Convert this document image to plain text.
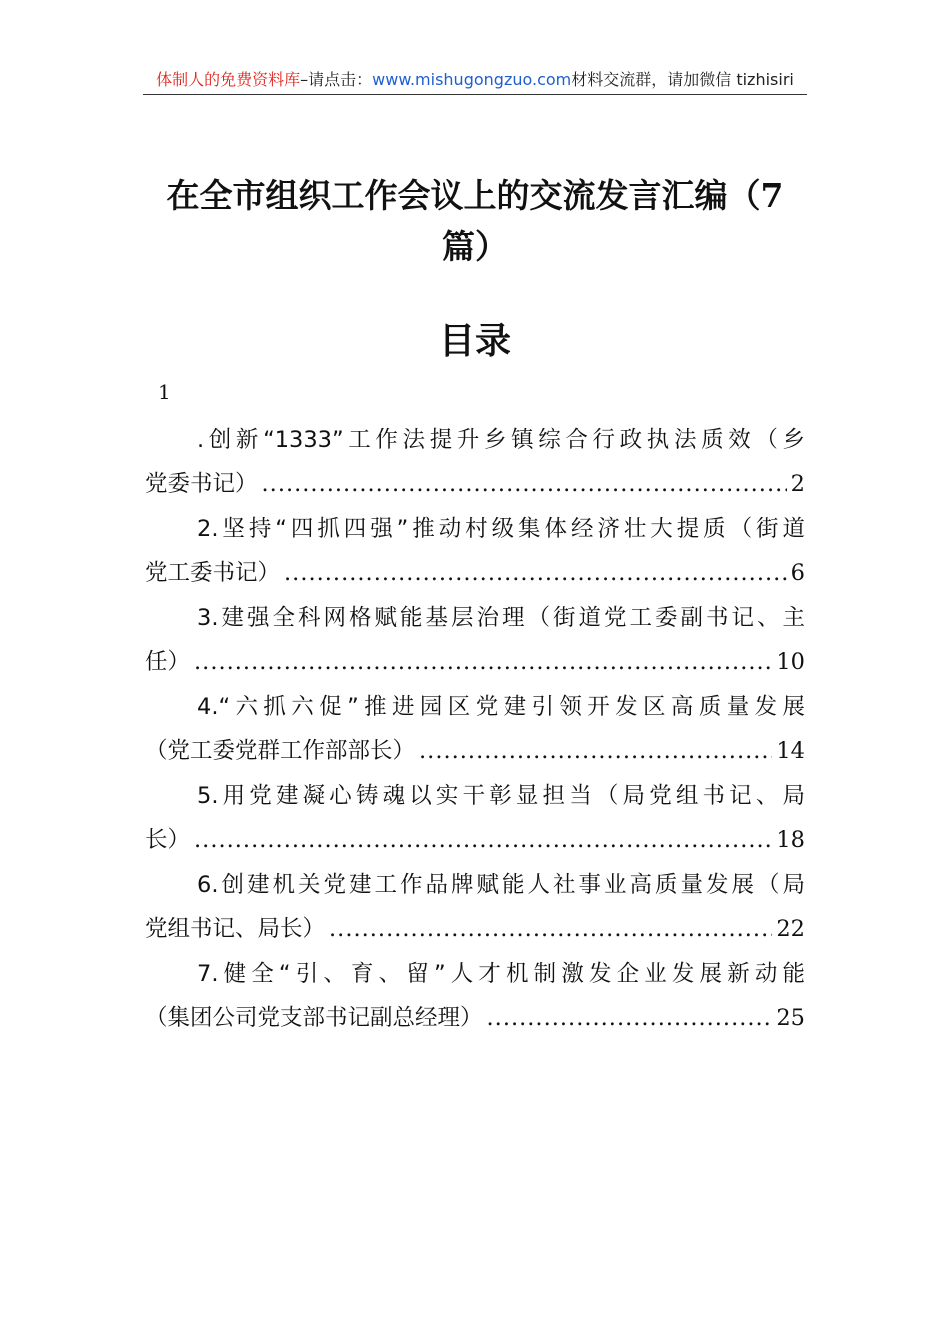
体制人的免费资料库–请点击：www.mishugongzuo.com材料交流群，请加微信 tizhisiri
在全市组织工作会议上的交流发言汇编（7篇）
目录
1
.创新“1333”工作法提升乡镇综合行政执法质效（乡
党委书记） .....	2
2.坚持“四抓四强”推动村级集体经济壮大提质（街道
党工委书记） .....	6
3.建强全科网格赋能基层治理（街道党工委副书记、主
任） .....	10
4.“六抓六促”推进园区党建引领开发区高质量发展
（党工委党群工作部部长） .....	14
5.用党建凝心铸魂以实干彰显担当（局党组书记、局
长） .....	18
6.创建机关党建工作品牌赋能人社事业高质量发展（局
党组书记、局长） .....	22
7.健全“引、育、留”人才机制激发企业发展新动能
（集团公司党支部书记副总经理） .....	25
